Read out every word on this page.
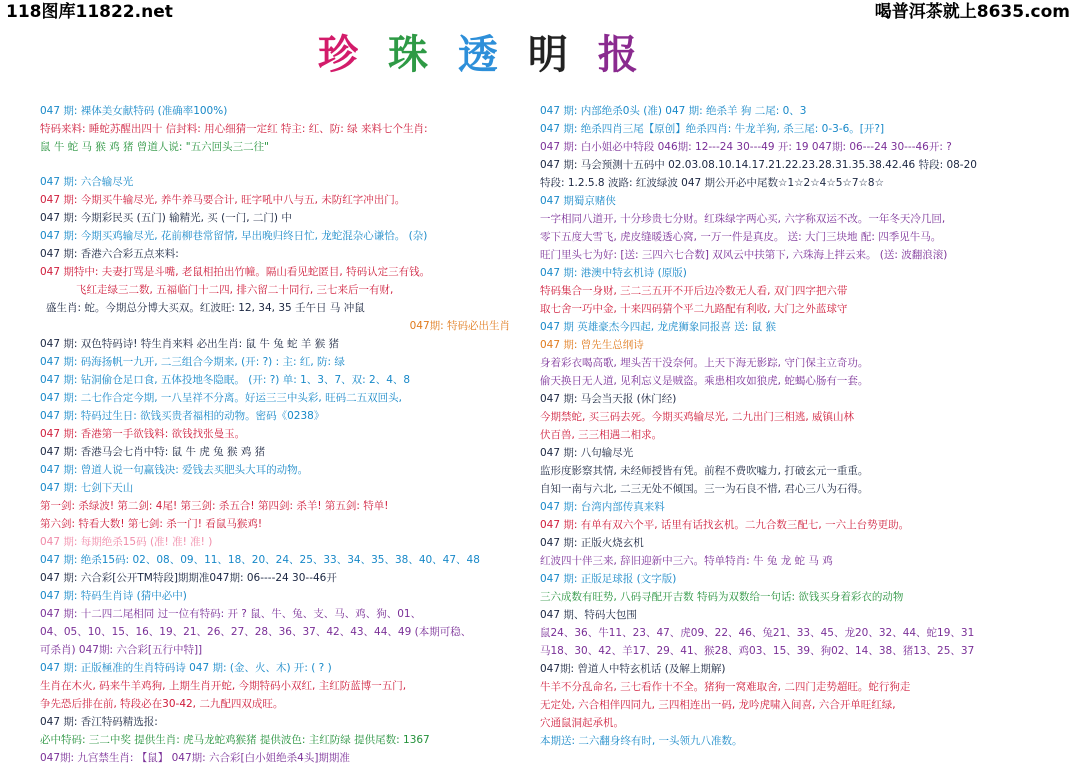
118图库11822.net	喝普洱茶就上8635.com
珍 珠 透 明 报
047 期: 裸体美女献特码 (准确率100%)
特码来料: 睡蛇苏醒出四十 信封料: 用心细猜一定红 特主: 红、防: 绿 来料七个生肖:
鼠 牛 蛇 马 猴 鸡 猪 曾道人说: "五六回头三二往"
047 期: 六合输尽光
047 期: 今期买牛输尽光, 养牛养马要合计, 旺字吼中八与五, 未防红字冲出门。
047 期: 今期彩民买 (五门) 输精光, 买 (一门, 二门) 中
047 期: 今期买鸡输尽光, 花前柳巷常留情, 早出晚归终日忙, 龙蛇混杂心谦恰。 (杂)
047 期: 香港六合彩五点来料:
047 期特中: 夫妻打骂是斗嘴, 老鼠相拍出竹幢。隔山看见蛇匿目, 特码认定三有钱。
飞红走绿三二数, 五福临门十二四, 排六留二十同行, 三七来后一有财,
盛生肖: 蛇。今期总分博大买双。红波旺: 12, 34, 35 壬午日 马 冲鼠
047期: 特码必出生肖
047 期: 双色特码诗! 特生肖来料 必出生肖: 鼠 牛 兔 蛇 羊 猴 猪
047 期: 码海扬帆一九开, 二三组合今期来, (开: ?) : 主: 红, 防: 绿
047 期: 钻洞偷仓足口食, 五体投地冬隐眠。 (开: ?) 单: 1、3、7、双: 2、4、8
047 期: 二七作合定今期, 一八呈祥不分离。好运三三中头彩, 旺码二五双回头,
047 期: 特码过生日: 欲钱买贵者福相的动物。密码《0238》
047 期: 香港第一手欲钱料: 欲钱找张曼玉。
047 期: 香港马会七肖中特: 鼠 牛 虎 兔 猴 鸡 猪
047 期: 曾道人说一句赢钱决: 爱钱去买肥头大耳的动物。
047 期: 七剑下天山
第一剑: 杀绿波! 第二剑: 4尾! 第三剑: 杀五合! 第四剑: 杀羊! 第五剑: 特单!
第六剑: 特看大数! 第七剑: 杀一门! 看鼠马猴鸡!
047 期: 每期绝杀15码 (准! 准! 准! )
047 期: 绝杀15码: 02、08、09、11、18、20、24、25、33、34、35、38、40、47、48
047 期: 六合彩[公开TM特段]期期准047期: 06----24 30--46开
047 期: 特码生肖诗 (猜中必中)
047 期: 十二四二尾相同 过一位有特码: 开 ? 鼠、牛、兔、支、马、鸡、狗、01、
04、05、10、15、16、19、21、26、27、28、36、37、42、43、44、49 (本期可稳、
可杀肖) 047期: 六合彩[五行中特]]
047 期: 正版極准的生肖特码诗 047 期: (金、火、木) 开: ( ? )
生肖在木火, 码来牛羊鸡狗, 上期生肖开蛇, 今期特码小双红, 主红防蓝博一五门,
争先恐后排在前, 特段必在30-42, 二九配四双成旺。
047 期: 香江特码精选报:
必中特码: 三二中奖 提供生肖: 虎马龙蛇鸡猴猪 提供波色: 主红防绿 提供尾数: 1367
047期: 九宫禁生肖: 【鼠】 047期: 六合彩[白小姐绝杀4头]期期准
047 期: 内部绝杀0头 (准) 047 期: 绝杀羊 狗 二尾: 0、3
047 期: 绝杀四肖三尾【原创】绝杀四肖: 牛龙羊狗, 杀三尾: 0-3-6。[开?]
047 期: 白小姐必中特段 046期: 12---24 30---49 开: 19 047期: 06---24 30---46开: ?
047 期: 马会预测十五码中 02.03.08.10.14.17.21.22.23.28.31.35.38.42.46 特段: 08-20
特段: 1.2.5.8 波路: 红波绿波 047 期公开必中尾数☆1☆2☆4☆5☆7☆8☆
047 期蜀京赌侠
一字相同八道开, 十分珍贵七分财。红珠绿字两心买, 六字称双运不改。一年冬天冷几回,
零下五度大雪飞, 虎皮缝暖透心窝, 一万一件是真皮。 送: 大门三块地 配: 四季见牛马。
旺门里头七为好: [送: 三四六七合数] 双风云中扶第下, 六珠海上拌云来。 (送: 波翻浪滚)
047 期: 港澳中特玄机诗 (原版)
特码集合一身财, 三二三五开不开后边冷数无人看, 双门四字把六带
取七舍一巧中金, 十来四码猜个平二九路配有利收, 大门之外蓝球守
047 期 英雄豪杰今四起, 龙虎狮象同报喜 送: 鼠 猴
047 期: 曾先生总纲诗
身着彩衣喝高歌, 埋头苦干没奈何。上天下海无影踪, 守门保主立奇功。
偷天换日无人道, 见利忘义是贼盗。乘患相攻如狼虎, 蛇蝎心肠有一套。
047 期: 马会当天报 (休门经)
今期禁蛇, 买三码去死。今期买鸡输尽光, 二九出门三相逃, 威镇山林
伏百兽, 三三相遇二相求。
047 期: 八句输尽光
监形度影察其情, 未经师授皆有凭。前程不费吹嘘力, 打破玄元一重重。
自知一南与六北, 二三无处不倾国。三一为石良不惜, 君心三八为石得。
047 期: 台湾内部传真来料
047 期: 有单有双六个平, 话里有话找玄机。二九合数三配七, 一六上台势更助。
047 期: 正版火烧玄机
红波四十伴三来, 辞旧迎新中三六。特单特肖: 牛 兔 龙 蛇 马 鸡
047 期: 正版足球报 (文字版)
三六成数有旺势, 八码寻配开吉数 特码为双数给一句话: 欲钱买身着彩衣的动物
047 期、特码大包围
鼠24、36、牛11、23、47、虎09、22、46、兔21、33、45、龙20、32、44、蛇19、31
马18、30、42、羊17、29、41、猴28、鸡03、15、39、狗02、14、38、猪13、25、37
047期: 曾道人中特玄机话 (及解上期解)
牛羊不分乱命名, 三七看作十不全。猪狗一窝难取舍, 二四门走势超旺。蛇行狗走
无定处, 六合相伴四同九, 三四相连出一码, 龙吟虎啸入间喜, 六合开单旺红绿,
穴通鼠洞起承机。
本期送: 二六翻身终有时, 一头领九八准数。
